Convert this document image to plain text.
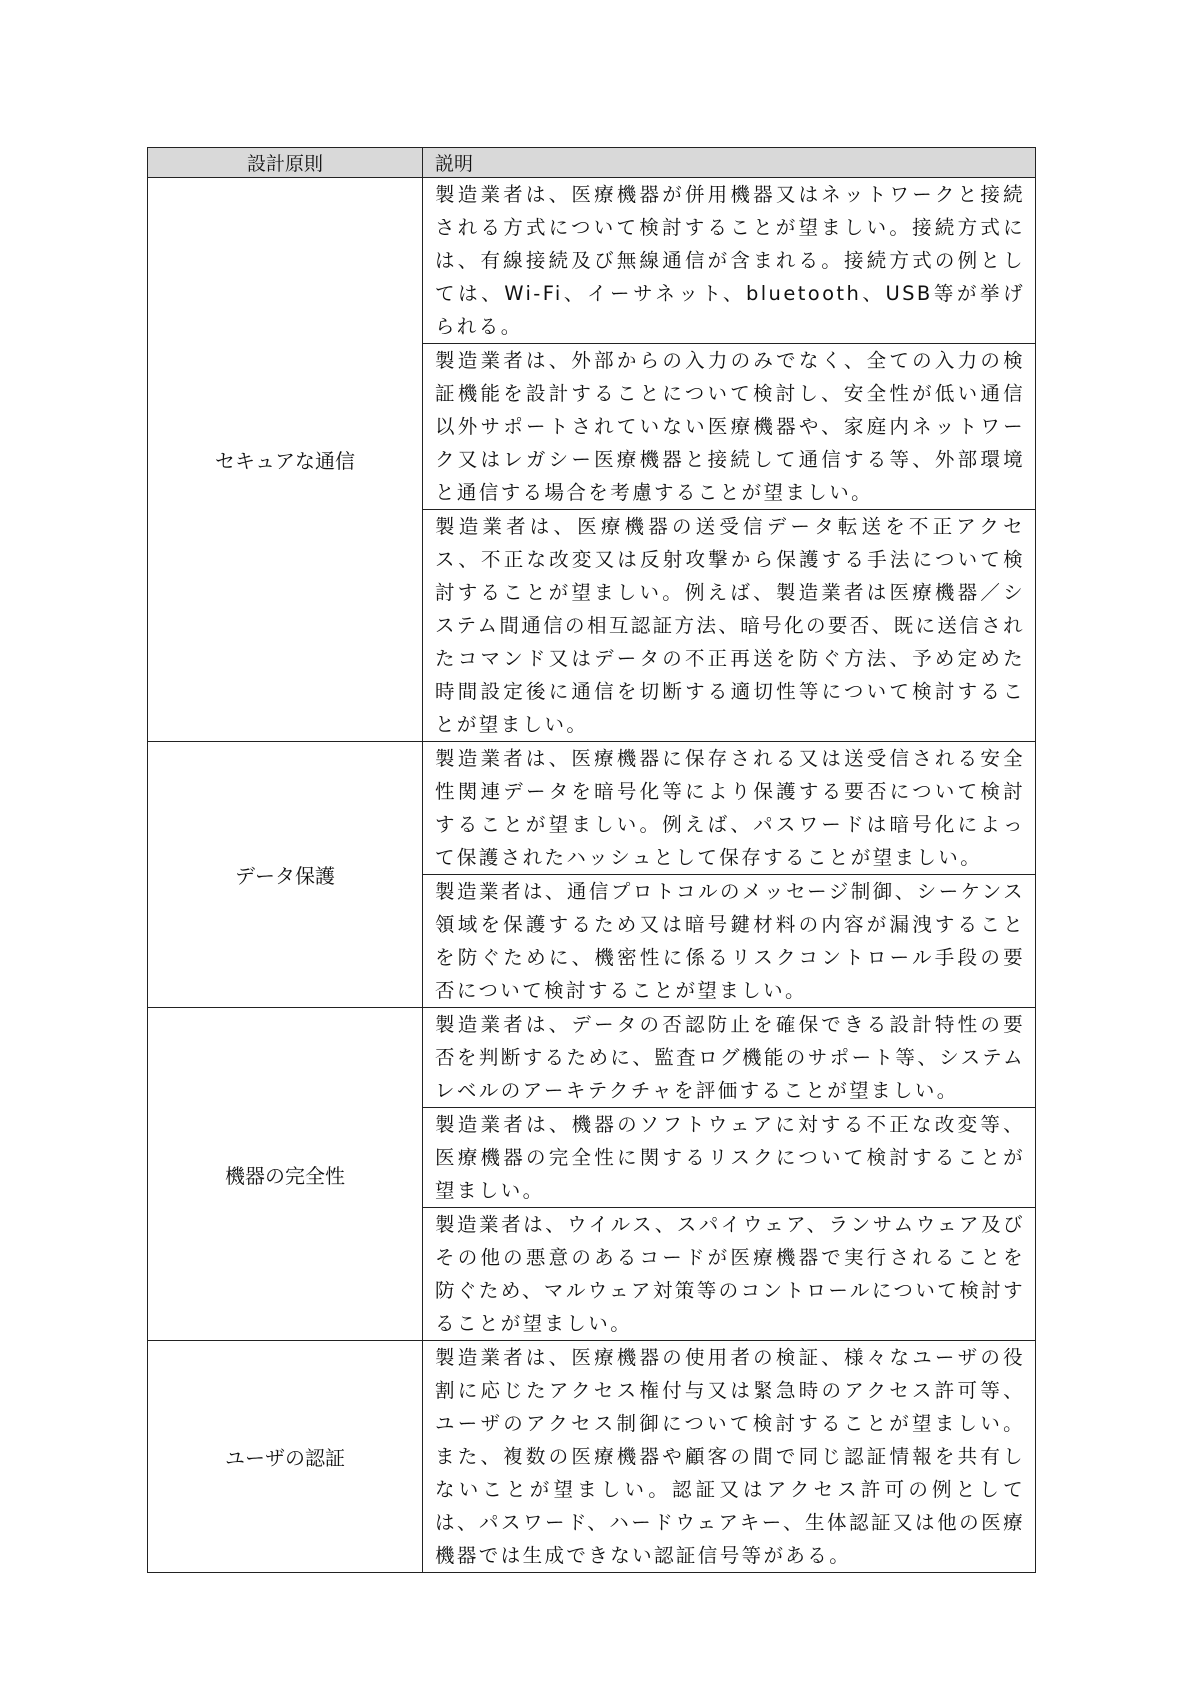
設計原則	説明
セキュアな通信	製造業者は、医療機器が併用機器又はネットワークと接続される方式について検討することが望ましい。接続方式には、有線接続及び無線通信が含まれる。接続方式の例としては、Wi-Fi、イーサネット、bluetooth、USB等が挙げられる。
	製造業者は、外部からの入力のみでなく、全ての入力の検証機能を設計することについて検討し、安全性が低い通信以外サポートされていない医療機器や、家庭内ネットワーク又はレガシー医療機器と接続して通信する等、外部環境と通信する場合を考慮することが望ましい。
	製造業者は、医療機器の送受信データ転送を不正アクセス、不正な改変又は反射攻撃から保護する手法について検討することが望ましい。例えば、製造業者は医療機器／システム間通信の相互認証方法、暗号化の要否、既に送信されたコマンド又はデータの不正再送を防ぐ方法、予め定めた時間設定後に通信を切断する適切性等について検討することが望ましい。
データ保護	製造業者は、医療機器に保存される又は送受信される安全性関連データを暗号化等により保護する要否について検討することが望ましい。例えば、パスワードは暗号化によって保護されたハッシュとして保存することが望ましい。
	製造業者は、通信プロトコルのメッセージ制御、シーケンス領域を保護するため又は暗号鍵材料の内容が漏洩することを防ぐために、機密性に係るリスクコントロール手段の要否について検討することが望ましい。
機器の完全性	製造業者は、データの否認防止を確保できる設計特性の要否を判断するために、監査ログ機能のサポート等、システムレベルのアーキテクチャを評価することが望ましい。
	製造業者は、機器のソフトウェアに対する不正な改変等、医療機器の完全性に関するリスクについて検討することが望ましい。
	製造業者は、ウイルス、スパイウェア、ランサムウェア及びその他の悪意のあるコードが医療機器で実行されることを防ぐため、マルウェア対策等のコントロールについて検討することが望ましい。
ユーザの認証	製造業者は、医療機器の使用者の検証、様々なユーザの役割に応じたアクセス権付与又は緊急時のアクセス許可等、ユーザのアクセス制御について検討することが望ましい。また、複数の医療機器や顧客の間で同じ認証情報を共有しないことが望ましい。認証又はアクセス許可の例としては、パスワード、ハードウェアキー、生体認証又は他の医療機器では生成できない認証信号等がある。
